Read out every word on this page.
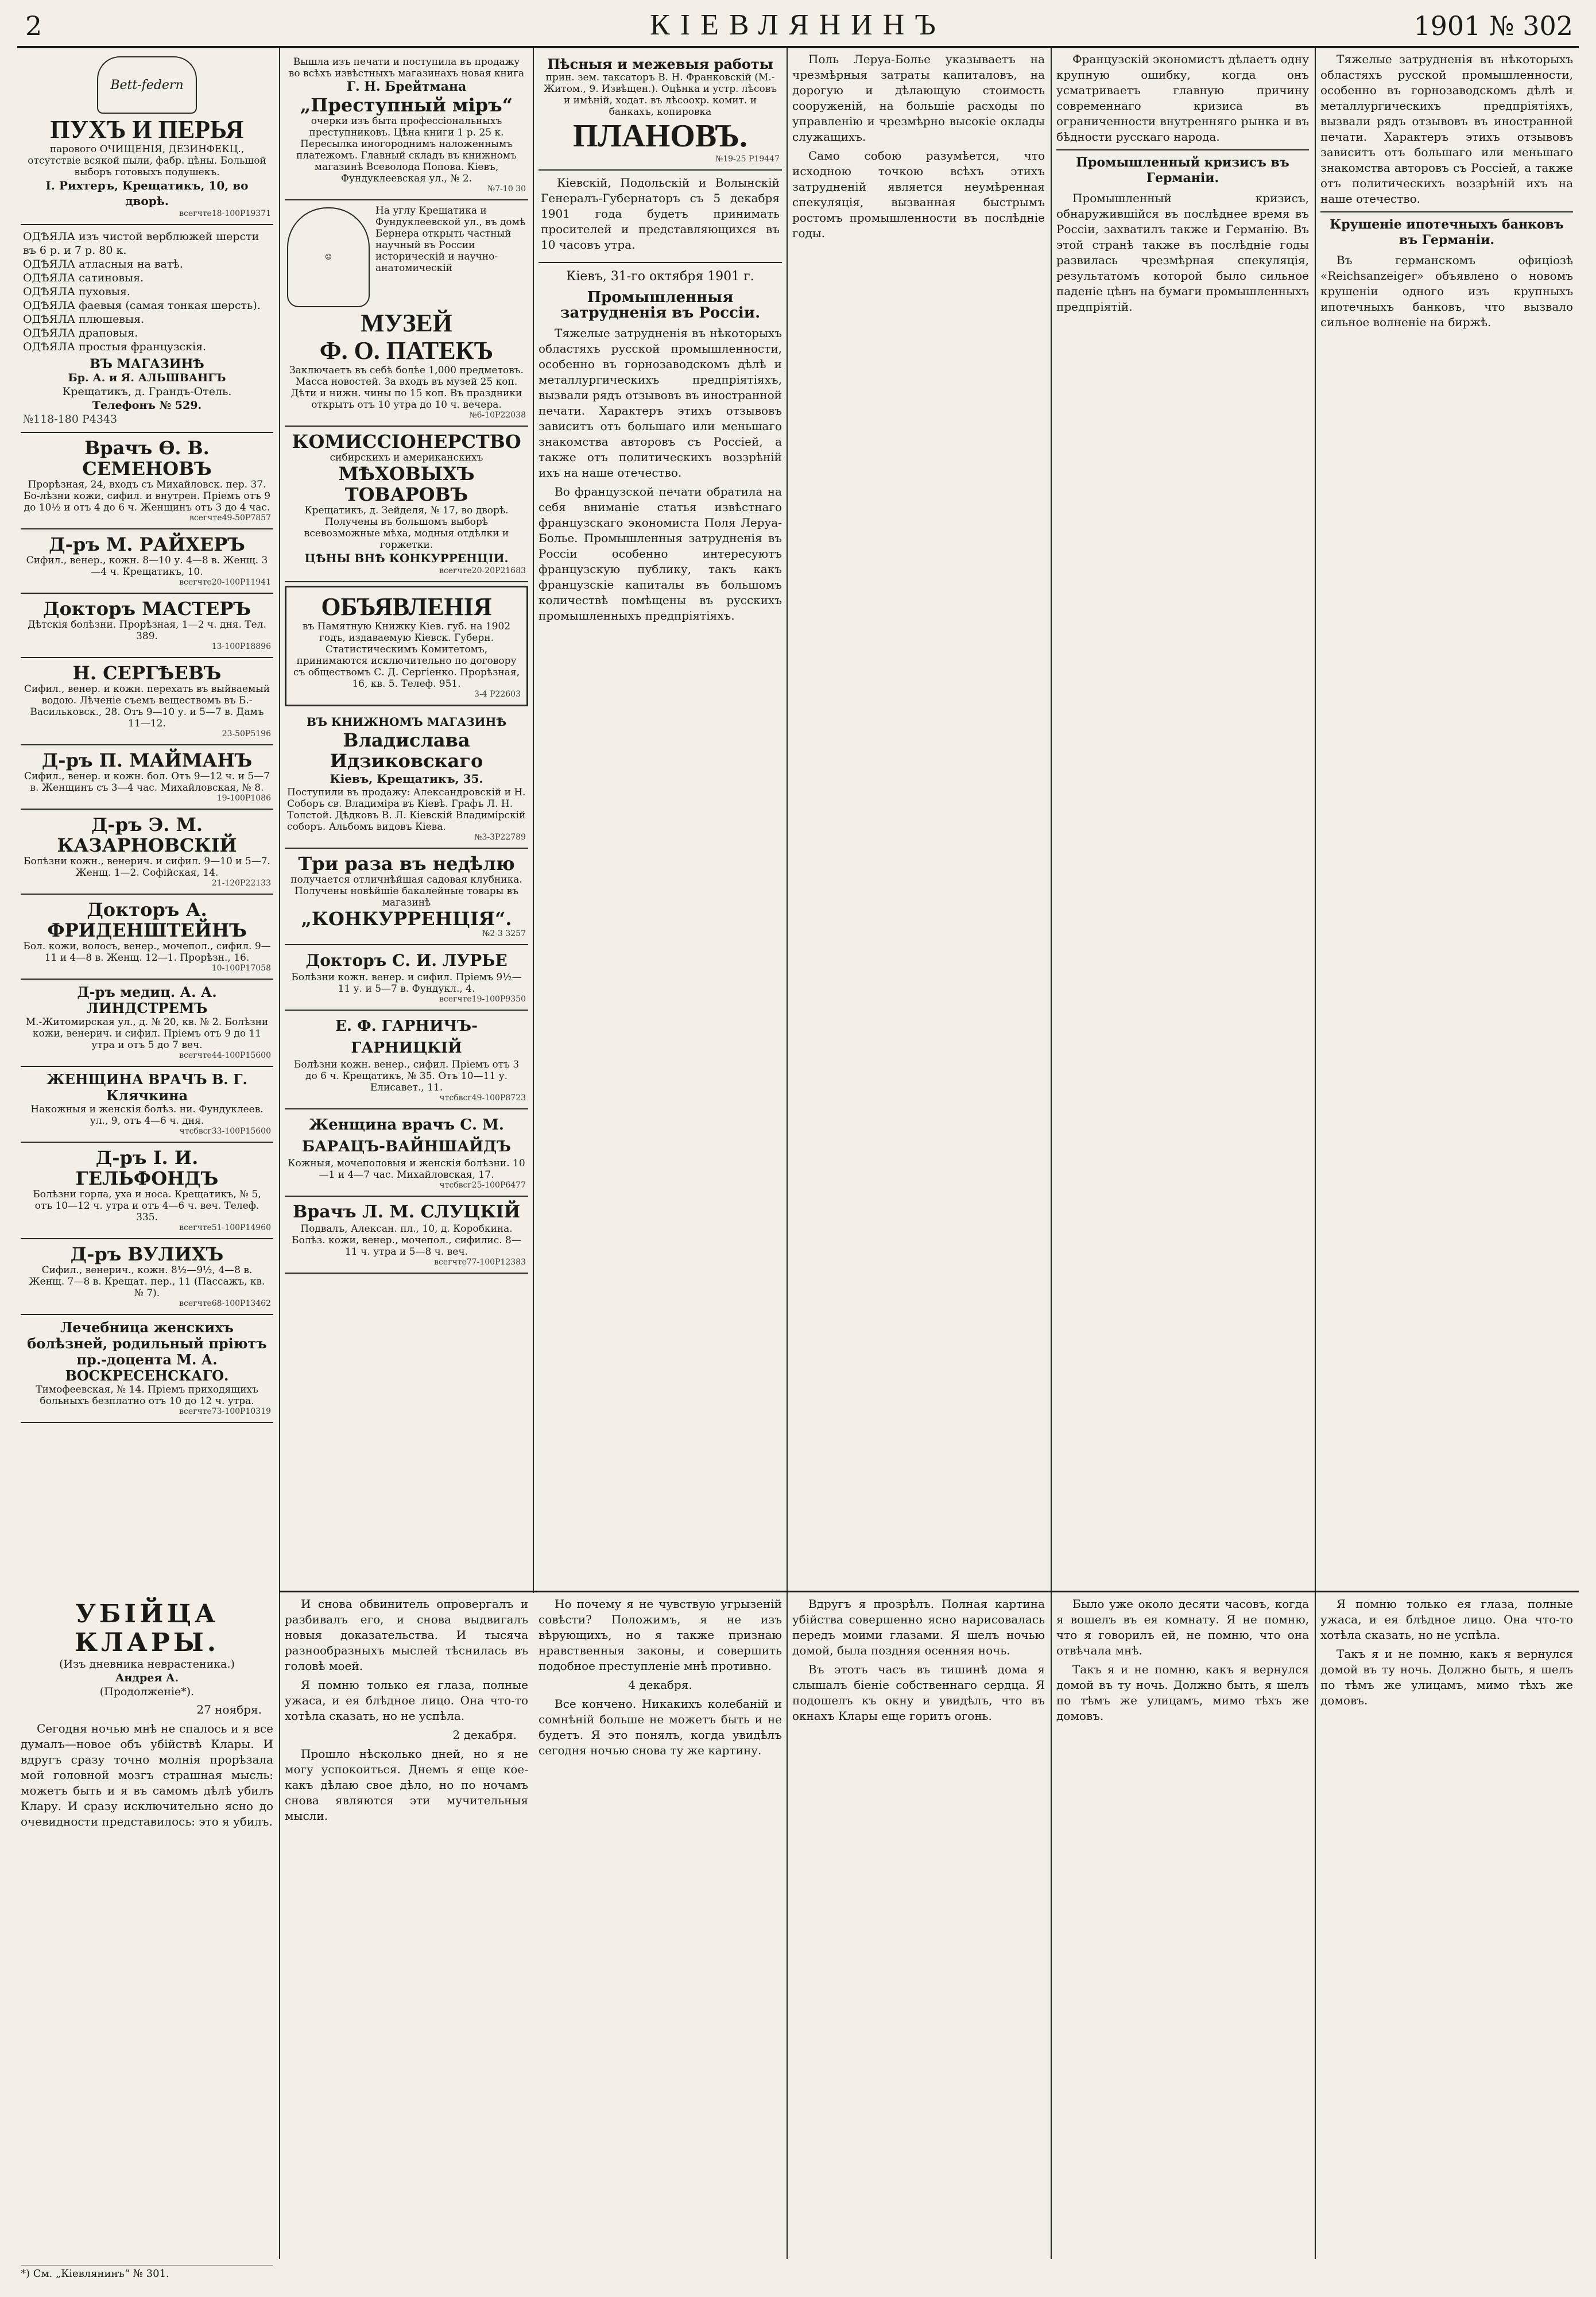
2	КІЕВЛЯНИНЪ	1901 № 302
Bett-federn
ПУХЪ И ПЕРЬЯ
парового ОЧИЩЕНІЯ, ДЕЗИНФЕКЦ., отсутствіе всякой пыли, фабр. цѣны. Большой выборъ готовыхъ подушекъ.
І. Рихтеръ, Крещатикъ, 10, во дворѣ.
всегчте18-100Р19371
ОДѢЯЛА изъ чистой верблюжей шерсти въ 6 р. и 7 р. 80 к.
ОДѢЯЛА атласныя на ватѣ.
ОДѢЯЛА сатиновыя.
ОДѢЯЛА пуховыя.
ОДѢЯЛА фаевыя (самая тонкая шерсть).
ОДѢЯЛА плюшевыя.
ОДѢЯЛА драповыя.
ОДѢЯЛА простыя французскія.
ВЪ МАГАЗИНѢ
Бр. А. и Я. АЛЬШВАНГЪ
Крещатикъ, д. Грандъ-Отель.
Телефонъ № 529.
№118-180 Р4343
Врачъ Ѳ. В. СЕМЕНОВЪ
Прорѣзная, 24, входъ съ Михайловск. пер. 37. Бо-лѣзни кожи, сифил. и внутрен. Пріемъ отъ 9 до 10½ и отъ 4 до 6 ч. Женщинъ отъ 3 до 4 час.
всегчте49-50Р7857
Д-ръ М. РАЙХЕРЪ
Сифил., венер., кожн. 8—10 у. 4—8 в. Женщ. 3—4 ч. Крещатикъ, 10.
всегчте20-100Р11941
Докторъ МАСТЕРЪ
Дѣтскія болѣзни. Прорѣзная, 1—2 ч. дня. Тел. 389.
13-100Р18896
Н. СЕРГѢЕВЪ
Сифил., венер. и кожн. перехать въ выйваемый водою. Лѣченіе съемъ веществомъ въ Б.-Васильковск., 28. Отъ 9—10 у. и 5—7 в. Дамъ 11—12.
23-50Р5196
Д-ръ П. МАЙМАНЪ
Сифил., венер. и кожн. бол. Отъ 9—12 ч. и 5—7 в. Женщинъ съ 3—4 час. Михайловская, № 8.
19-100Р1086
Д-ръ Э. М. КАЗАРНОВСКІЙ
Болѣзни кожн., венерич. и сифил. 9—10 и 5—7. Женщ. 1—2. Софійская, 14.
21-120Р22133
Докторъ А. ФРИДЕНШТЕЙНЪ
Бол. кожи, волосъ, венер., мочепол., сифил. 9—11 и 4—8 в. Женщ. 12—1. Прорѣзн., 16.
10-100Р17058
Д-ръ медиц. А. А. ЛИНДСТРЕМЪ
М.-Житомирская ул., д. № 20, кв. № 2. Болѣзни кожи, венерич. и сифил. Пріемъ отъ 9 до 11 утра и отъ 5 до 7 веч.
всегчте44-100Р15600
ЖЕНЩИНА ВРАЧЪ В. Г. Клячкина
Накожныя и женскія болѣз. ни. Фундуклеев. ул., 9, отъ 4—6 ч. дня.
чтсбвсг33-100Р15600
Д-ръ І. И. ГЕЛЬФОНДЪ
Болѣзни горла, уха и носа. Крещатикъ, № 5, отъ 10—12 ч. утра и отъ 4—6 ч. веч. Телеф. 335.
всегчте51-100Р14960
Д-ръ ВУЛИХЪ
Сифил., венерич., кожн. 8½—9½, 4—8 в. Женщ. 7—8 в. Крещат. пер., 11 (Пассажъ, кв. № 7).
всегчте68-100Р13462
Лечебница женскихъ болѣзней, родильный пріютъ пр.-доцента М. А. ВОСКРЕСЕНСКАГО.
Тимофеевская, № 14. Пріемъ приходящихъ больныхъ безплатно отъ 10 до 12 ч. утра.
всегчте73-100Р10319
Вышла изъ печати и поступила въ продажу во всѣхъ извѣстныхъ магазинахъ новая книга
Г. Н. Брейтмана
„Преступный міръ“
очерки изъ быта профессіональныхъ преступниковъ. Цѣна книги 1 р. 25 к. Пересылка иногороднимъ наложеннымъ платежомъ. Главный складъ въ книжномъ магазинѣ Всеволода Попова. Кіевъ, Фундуклеевская ул., № 2.
№7-10 30
☺
На углу Крещатика и Фундуклеевской ул., въ домѣ Бернера открыть частный научный въ России историческій и научно-анатомическій
МУЗЕЙ
Ф. О. ПАТЕКЪ
Заключаетъ въ себѣ болѣе 1,000 предметовъ. Масса новостей. За входъ въ музей 25 коп. Дѣти и нижн. чины по 15 коп. Въ праздники открытъ отъ 10 утра до 10 ч. вечера.
№6-10Р22038
КОМИССІОНЕРСТВО
сибирскихъ и американскихъ
МѢХОВЫХЪ ТОВАРОВЪ
Крещатикъ, д. Зейделя, № 17, во дворѣ. Получены въ большомъ выборѣ всевозможные мѣха, модныя отдѣлки и горжетки.
ЦѢНЫ ВНѢ КОНКУРРЕНЦІИ.
всегчте20-20Р21683
ОБЪЯВЛЕНІЯ
въ Памятную Книжку Кіев. губ. на 1902 годъ, издаваемую Кіевск. Губерн. Статистическимъ Комитетомъ, принимаются исключительно по договору съ обществомъ С. Д. Сергіенко. Прорѣзная, 16, кв. 5. Телеф. 951.
3-4 Р22603
ВЪ КНИЖНОМЪ МАГАЗИНѢ
Владислава Идзиковскаго
Кіевъ, Крещатикъ, 35.
Поступили въ продажу: Александровскій и Н. Соборъ св. Владиміра въ Кіевѣ. Графъ Л. Н. Толстой. Дѣдковъ В. Л. Кіевскій Владимірскій соборъ. Альбомъ видовъ Кіева.
№3-3Р22789
Три раза въ недѣлю
получается отличнѣйшая садовая клубника. Получены новѣйшіе бакалейные товары въ магазинѣ
„КОНКУРРЕНЦІЯ“.
№2-3 3257
Докторъ С. И. ЛУРЬЕ
Болѣзни кожн. венер. и сифил. Пріемъ 9½—11 у. и 5—7 в. Фундукл., 4.
всегчте19-100Р9350
Е. Ф. ГАРНИЧЪ-ГАРНИЦКІЙ
Болѣзни кожн. венер., сифил. Пріемъ отъ 3 до 6 ч. Крещатикъ, № 35. Отъ 10—11 у. Елисавет., 11.
чтсбвсг49-100Р8723
Женщина врачъ С. М. БАРАЦЪ-ВАЙНШАЙДЪ
Кожныя, мочеполовыя и женскія болѣзни. 10—1 и 4—7 час. Михайловская, 17.
чтсбвсг25-100Р6477
Врачъ Л. М. СЛУЦКІЙ
Подвалъ, Алексан. пл., 10, д. Коробкина. Болѣз. кожи, венер., мочепол., сифилис. 8—11 ч. утра и 5—8 ч. веч.
всегчте77-100Р12383
Пѣсныя и межевыя работы
прин. зем. таксаторъ В. Н. Франковскій (М.-Житом., 9. Извѣщен.). Оцѣнка и устр. лѣсовъ и имѣній, ходат. въ лѣсоохр. комит. и банкахъ, копировка
ПЛАНОВЪ.
№19-25 Р19447

Кіевскій, Подольскій и Волынскій Генералъ-Губернаторъ съ 5 декабря 1901 года будетъ принимать просителей и представляющихся въ 10 часовъ утра.

Кіевъ, 31-го октября 1901 г.
Промышленныя затрудненія въ Россіи.

Тяжелые затрудненія въ нѣкоторыхъ областяхъ русской промышленности, особенно въ горнозаводскомъ дѣлѣ и металлургическихъ предпріятіяхъ, вызвали рядъ отзывовъ въ иностранной печати. Характеръ этихъ отзывовъ зависитъ отъ большаго или меньшаго знакомства авторовъ съ Россіей, а также отъ политическихъ воззрѣній ихъ на наше отечество.

Во французской печати обратила на себя вниманіе статья извѣстнаго французскаго экономиста Поля Леруа-Болье. Промышленныя затрудненія въ Россіи особенно интересуютъ французскую публику, такъ какъ французскіе капиталы въ большомъ количествѣ помѣщены въ русскихъ промышленныхъ предпріятіяхъ.

Поль Леруа-Болье указываетъ на чрезмѣрныя затраты капиталовъ, на дорогую и дѣлающую стоимость сооруженій, на большіе расходы по управленію и чрезмѣрно высокіе оклады служащихъ.

Само собою разумѣется, что исходною точкою всѣхъ этихъ затрудненій является неумѣренная спекуляція, вызванная быстрымъ ростомъ промышленности въ послѣдніе годы.

Французскій экономистъ дѣлаетъ одну крупную ошибку, когда онъ усматриваетъ главную причину современнаго кризиса въ ограниченности внутренняго рынка и въ бѣдности русскаго народа.

Промышленный кризисъ въ Германіи.

Промышленный кризисъ, обнаружившійся въ послѣднее время въ Россіи, захватилъ также и Германію. Въ этой странѣ также въ послѣдніе годы развилась чрезмѣрная спекуляція, результатомъ которой было сильное паденіе цѣнъ на бумаги промышленныхъ предпріятій.

Тяжелые затрудненія въ нѣкоторыхъ областяхъ русской промышленности, особенно въ горнозаводскомъ дѣлѣ и металлургическихъ предпріятіяхъ, вызвали рядъ отзывовъ въ иностранной печати. Характеръ этихъ отзывовъ зависитъ отъ большаго или меньшаго знакомства авторовъ съ Россіей, а также отъ политическихъ воззрѣній ихъ на наше отечество.

Крушеніе ипотечныхъ банковъ въ Германіи.

Въ германскомъ офиціозѣ «Reichsanzeiger» объявлено о новомъ крушеніи одного изъ крупныхъ ипотечныхъ банковъ, что вызвало сильное волненіе на биржѣ.

УБІЙЦА КЛАРЫ.
(Изъ дневника неврастеника.)
Андрея А.
(Продолженіе*).
27 ноября.

Сегодня ночью мнѣ не спалось и я все думалъ—новое объ убійствѣ Клары. И вдругъ сразу точно молнія прорѣзала мой головной мозгъ страшная мысль: можетъ быть и я въ самомъ дѣлѣ убилъ Клару. И сразу исключительно ясно до очевидности представилось: это я убилъ.

И снова обвинитель опровергалъ и разбивалъ его, и снова выдвигалъ новыя доказательства. И тысяча разнообразныхъ мыслей тѣснилась въ головѣ моей.

Я помню только ея глаза, полные ужаса, и ея блѣдное лицо. Она что-то хотѣла сказать, но не успѣла.

2 декабря.

Прошло нѣсколько дней, но я не могу успокоиться. Днемъ я еще кое-какъ дѣлаю свое дѣло, но по ночамъ снова являются эти мучительныя мысли.

Но почему я не чувствую угрызеній совѣсти? Положимъ, я не изъ вѣрующихъ, но я также признаю нравственныя законы, и совершить подобное преступленіе мнѣ противно.

4 декабря.

Все кончено. Никакихъ колебаній и сомнѣній больше не можетъ быть и не будетъ. Я это понялъ, когда увидѣлъ сегодня ночью снова ту же картину.

Вдругъ я прозрѣлъ. Полная картина убійства совершенно ясно нарисовалась передъ моими глазами. Я шелъ ночью домой, была поздняя осенняя ночь.

Въ этотъ часъ въ тишинѣ дома я слышалъ біеніе собственнаго сердца. Я подошелъ къ окну и увидѣлъ, что въ окнахъ Клары еще горитъ огонь.

Было уже около десяти часовъ, когда я вошелъ въ ея комнату. Я не помню, что я говорилъ ей, не помню, что она отвѣчала мнѣ.

Такъ я и не помню, какъ я вернулся домой въ ту ночь. Должно быть, я шелъ по тѣмъ же улицамъ, мимо тѣхъ же домовъ.

Я помню только ея глаза, полные ужаса, и ея блѣдное лицо. Она что-то хотѣла сказать, но не успѣла.

Такъ я и не помню, какъ я вернулся домой въ ту ночь. Должно быть, я шелъ по тѣмъ же улицамъ, мимо тѣхъ же домовъ.

*) См. „Кіевлянинъ“ № 301.
